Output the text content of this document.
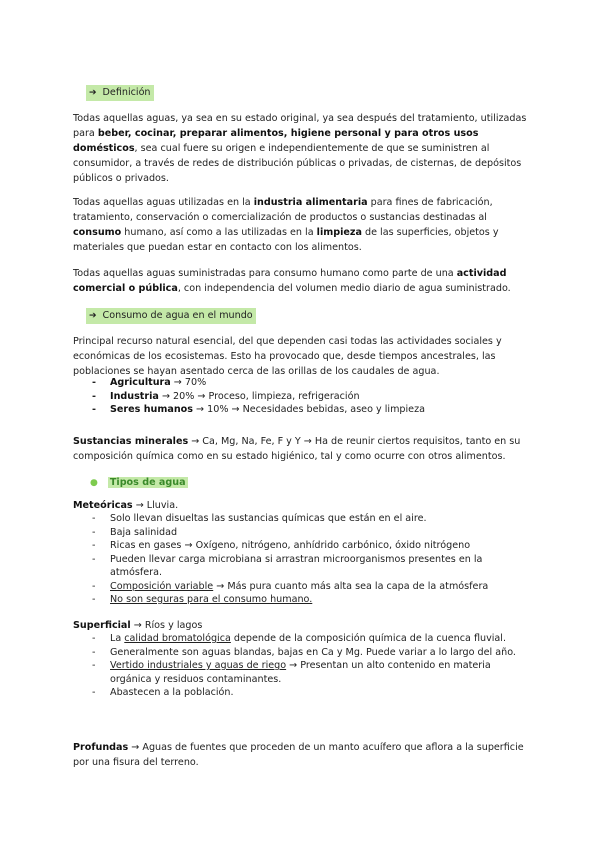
➔ Definición

Todas aquellas aguas, ya sea en su estado original, ya sea después del tratamiento, utilizadas para beber, cocinar, preparar alimentos, higiene personal y para otros usos domésticos, sea cual fuere su origen e independientemente de que se suministren al consumidor, a través de redes de distribución públicas o privadas, de cisternas, de depósitos públicos o privados.

Todas aquellas aguas utilizadas en la industria alimentaria para fines de fabricación, tratamiento, conservación o comercialización de productos o sustancias destinadas al consumo humano, así como a las utilizadas en la limpieza de las superficies, objetos y materiales que puedan estar en contacto con los alimentos.

Todas aquellas aguas suministradas para consumo humano como parte de una actividad comercial o pública, con independencia del volumen medio diario de agua suministrado.

➔ Consumo de agua en el mundo

Principal recurso natural esencial, del que dependen casi todas las actividades sociales y económicas de los ecosistemas. Esto ha provocado que, desde tiempos ancestrales, las poblaciones se hayan asentado cerca de las orillas de los caudales de agua.

- Agricultura → 70%
- Industria → 20% → Proceso, limpieza, refrigeración
- Seres humanos → 10% → Necesidades bebidas, aseo y limpieza

Sustancias minerales → Ca, Mg, Na, Fe, F y Y → Ha de reunir ciertos requisitos, tanto en su composición química como en su estado higiénico, tal y como ocurre con otros alimentos.

● Tipos de agua

Meteóricas → Lluvia.

- Solo llevan disueltas las sustancias químicas que están en el aire.
- Baja salinidad
- Ricas en gases → Oxígeno, nitrógeno, anhídrido carbónico, óxido nitrógeno
- Pueden llevar carga microbiana si arrastran microorganismos presentes en la atmósfera.
- Composición variable → Más pura cuanto más alta sea la capa de la atmósfera
- No son seguras para el consumo humano.

Superficial → Ríos y lagos

- La calidad bromatológica depende de la composición química de la cuenca fluvial.
- Generalmente son aguas blandas, bajas en Ca y Mg. Puede variar a lo largo del año.
- Vertido industriales y aguas de riego → Presentan un alto contenido en materia orgánica y residuos contaminantes.
- Abastecen a la población.

Profundas → Aguas de fuentes que proceden de un manto acuífero que aflora a la superficie por una fisura del terreno.
